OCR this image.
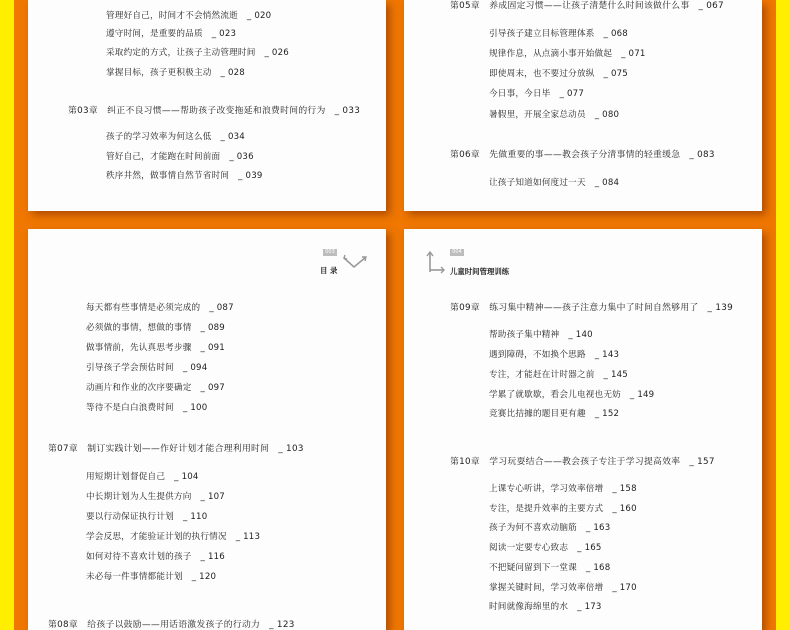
管理好自己，时间才不会悄然流逝 _ 020
遵守时间，是重要的品质 _ 023
采取约定的方式，让孩子主动管理时间 _ 026
掌握目标，孩子更积极主动 _ 028
第03章 纠正不良习惯——帮助孩子改变拖延和浪费时间的行为 _ 033
孩子的学习效率为何这么低 _ 034
管好自己，才能跑在时间前面 _ 036
秩序井然，做事情自然节省时间 _ 039
第05章 养成固定习惯——让孩子清楚什么时间该做什么事 _ 067
引导孩子建立目标管理体系 _ 068
规律作息，从点滴小事开始做起 _ 071
即使周末，也不要过分放纵 _ 075
今日事，今日毕 _ 077
暑假里，开展全家总动员 _ 080
第06章 先做重要的事——教会孩子分清事情的轻重缓急 _ 083
让孩子知道如何度过一天 _ 084
003
目 录
每天都有些事情是必须完成的 _ 087
必须做的事情，想做的事情 _ 089
做事情前，先认真思考步骤 _ 091
引导孩子学会预估时间 _ 094
动画片和作业的次序要确定 _ 097
等待不是白白浪费时间 _ 100
第07章 制订实践计划——作好计划才能合理利用时间 _ 103
用短期计划督促自己 _ 104
中长期计划为人生提供方向 _ 107
要以行动保证执行计划 _ 110
学会反思，才能验证计划的执行情况 _ 113
如何对待不喜欢计划的孩子 _ 116
未必每一件事情都能计划 _ 120
第08章 给孩子以鼓励——用话语激发孩子的行动力 _ 123
004
儿童时间管理训练
第09章 练习集中精神——孩子注意力集中了时间自然够用了 _ 139
帮助孩子集中精神 _ 140
遇到障碍，不如换个思路 _ 143
专注，才能赶在计时器之前 _ 145
学累了就歇歇，看会儿电视也无妨 _ 149
竞赛比拮據的题目更有趣 _ 152
第10章 学习玩耍结合——教会孩子专注于学习提高效率 _ 157
上课专心听讲，学习效率倍增 _ 158
专注，是提升效率的主要方式 _ 160
孩子为何不喜欢动脑筋 _ 163
阅读一定要专心致志 _ 165
不把疑问留到下一堂课 _ 168
掌握关键时间，学习效率倍增 _ 170
时间就像海绵里的水 _ 173
